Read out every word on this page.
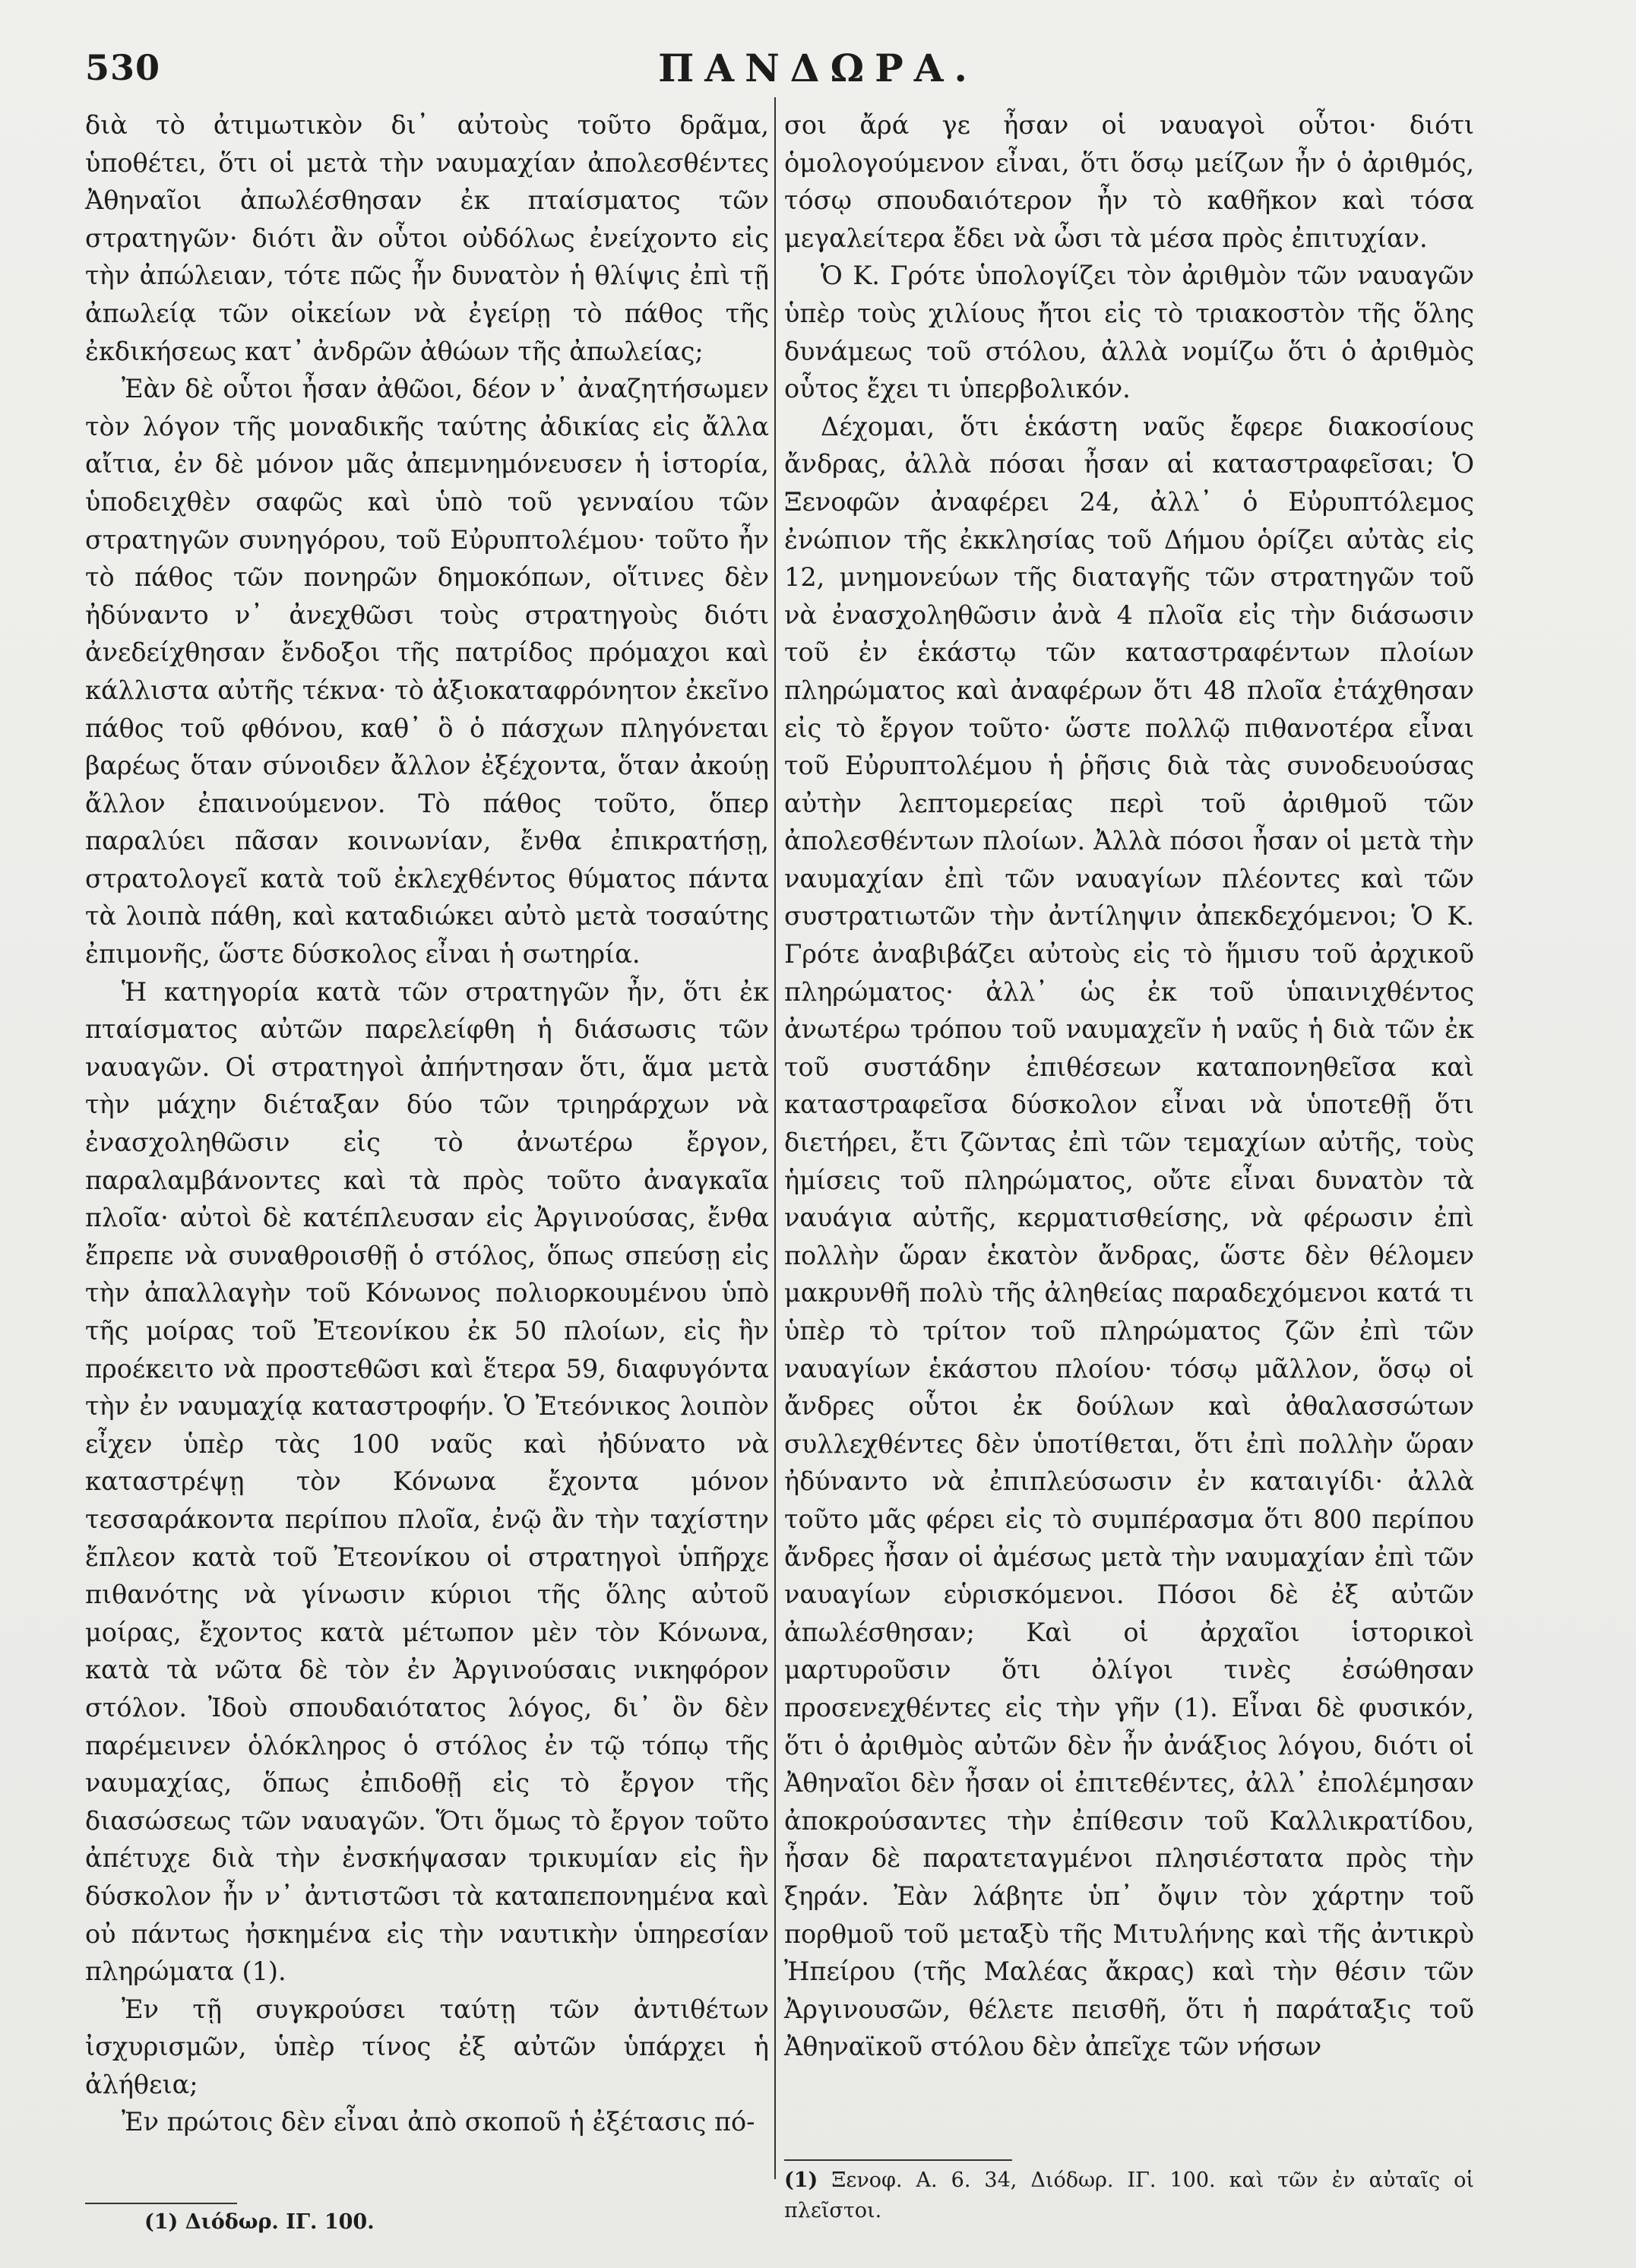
530	ΠΑΝΔΩΡΑ.

διὰ τὸ ἀτιμωτικὸν δι᾿ αὐτοὺς τοῦτο δρᾶμα, ὑποθέτει, ὅτι οἱ μετὰ τὴν ναυμαχίαν ἀπολεσθέντες Ἀθηναῖοι ἀπωλέσθησαν ἐκ πταίσματος τῶν στρατηγῶν· διότι ἂν οὗτοι οὐδόλως ἐνείχοντο εἰς τὴν ἀπώλειαν, τότε πῶς ἦν δυνατὸν ἡ θλίψις ἐπὶ τῇ ἀπωλείᾳ τῶν οἰκείων νὰ ἐγείρῃ τὸ πάθος τῆς ἐκδικήσεως κατ᾿ ἀνδρῶν ἀθώων τῆς ἀπωλείας;

Ἐὰν δὲ οὗτοι ἦσαν ἀθῶοι, δέον ν᾿ ἀναζητήσωμεν τὸν λόγον τῆς μοναδικῆς ταύτης ἀδικίας εἰς ἄλλα αἴτια, ἐν δὲ μόνον μᾶς ἀπεμνημόνευσεν ἡ ἱστορία, ὑποδειχθὲν σαφῶς καὶ ὑπὸ τοῦ γενναίου τῶν στρατηγῶν συνηγόρου, τοῦ Εὐρυπτολέμου· τοῦτο ἦν τὸ πάθος τῶν πονηρῶν δημοκόπων, οἵτινες δὲν ἠδύναντο ν᾿ ἀνεχθῶσι τοὺς στρατηγοὺς διότι ἀνεδείχθησαν ἔνδοξοι τῆς πατρίδος πρόμαχοι καὶ κάλλιστα αὐτῆς τέκνα· τὸ ἀξιοκαταφρόνητον ἐκεῖνο πάθος τοῦ φθόνου, καθ᾿ ὃ ὁ πάσχων πληγόνεται βαρέως ὅταν σύνοιδεν ἄλλον ἐξέχοντα, ὅταν ἀκούῃ ἄλλον ἐπαινούμενον. Τὸ πάθος τοῦτο, ὅπερ παραλύει πᾶσαν κοινωνίαν, ἔνθα ἐπικρατήσῃ, στρατολογεῖ κατὰ τοῦ ἐκλεχθέντος θύματος πάντα τὰ λοιπὰ πάθη, καὶ καταδιώκει αὐτὸ μετὰ τοσαύτης ἐπιμονῆς, ὥστε δύσκολος εἶναι ἡ σωτηρία.

Ἡ κατηγορία κατὰ τῶν στρατηγῶν ἦν, ὅτι ἐκ πταίσματος αὐτῶν παρελείφθη ἡ διάσωσις τῶν ναυαγῶν. Οἱ στρατηγοὶ ἀπήντησαν ὅτι, ἅμα μετὰ τὴν μάχην διέταξαν δύο τῶν τριηράρχων νὰ ἐνασχοληθῶσιν εἰς τὸ ἀνωτέρω ἔργον, παραλαμβάνοντες καὶ τὰ πρὸς τοῦτο ἀναγκαῖα πλοῖα· αὐτοὶ δὲ κατέπλευσαν εἰς Ἀργινούσας, ἔνθα ἔπρεπε νὰ συναθροισθῇ ὁ στόλος, ὅπως σπεύσῃ εἰς τὴν ἀπαλλαγὴν τοῦ Κόνωνος πολιορκουμένου ὑπὸ τῆς μοίρας τοῦ Ἐτεονίκου ἐκ 50 πλοίων, εἰς ἣν προέκειτο νὰ προστεθῶσι καὶ ἕτερα 59, διαφυγόντα τὴν ἐν ναυμαχίᾳ καταστροφήν. Ὁ Ἐτεόνικος λοιπὸν εἶχεν ὑπὲρ τὰς 100 ναῦς καὶ ἠδύνατο νὰ καταστρέψῃ τὸν Κόνωνα ἔχοντα μόνον τεσσαράκοντα περίπου πλοῖα, ἐνῷ ἂν τὴν ταχίστην ἔπλεον κατὰ τοῦ Ἐτεονίκου οἱ στρατηγοὶ ὑπῆρχε πιθανότης νὰ γίνωσιν κύριοι τῆς ὅλης αὐτοῦ μοίρας, ἔχοντος κατὰ μέτωπον μὲν τὸν Κόνωνα, κατὰ τὰ νῶτα δὲ τὸν ἐν Ἀργινούσαις νικηφόρον στόλον. Ἰδοὺ σπουδαιότατος λόγος, δι᾿ ὃν δὲν παρέμεινεν ὁλόκληρος ὁ στόλος ἐν τῷ τόπῳ τῆς ναυμαχίας, ὅπως ἐπιδοθῇ εἰς τὸ ἔργον τῆς διασώσεως τῶν ναυαγῶν. Ὅτι ὅμως τὸ ἔργον τοῦτο ἀπέτυχε διὰ τὴν ἐνσκήψασαν τρικυμίαν εἰς ἣν δύσκολον ἦν ν᾿ ἀντιστῶσι τὰ καταπεπονημένα καὶ οὐ πάντως ἠσκημένα εἰς τὴν ναυτικὴν ὑπηρεσίαν πληρώματα (1).

Ἐν τῇ συγκρούσει ταύτῃ τῶν ἀντιθέτων ἰσχυρισμῶν, ὑπὲρ τίνος ἐξ αὐτῶν ὑπάρχει ἡ ἀλήθεια;

Ἐν πρώτοις δὲν εἶναι ἀπὸ σκοποῦ ἡ ἐξέτασις πό-

σοι ἄρά γε ἦσαν οἱ ναυαγοὶ οὗτοι· διότι ὁμολογούμενον εἶναι, ὅτι ὅσῳ μείζων ἦν ὁ ἀριθμός, τόσῳ σπουδαιότερον ἦν τὸ καθῆκον καὶ τόσα μεγαλείτερα ἔδει νὰ ὦσι τὰ μέσα πρὸς ἐπιτυχίαν.

Ὁ Κ. Γρότε ὑπολογίζει τὸν ἀριθμὸν τῶν ναυαγῶν ὑπὲρ τοὺς χιλίους ἤτοι εἰς τὸ τριακοστὸν τῆς ὅλης δυνάμεως τοῦ στόλου, ἀλλὰ νομίζω ὅτι ὁ ἀριθμὸς οὗτος ἔχει τι ὑπερβολικόν.

Δέχομαι, ὅτι ἑκάστη ναῦς ἔφερε διακοσίους ἄνδρας, ἀλλὰ πόσαι ἦσαν αἱ καταστραφεῖσαι; Ὁ Ξενοφῶν ἀναφέρει 24, ἀλλ᾿ ὁ Εὐρυπτόλεμος ἐνώπιον τῆς ἐκκλησίας τοῦ Δήμου ὁρίζει αὐτὰς εἰς 12, μνημονεύων τῆς διαταγῆς τῶν στρατηγῶν τοῦ νὰ ἐνασχοληθῶσιν ἀνὰ 4 πλοῖα εἰς τὴν διάσωσιν τοῦ ἐν ἑκάστῳ τῶν καταστραφέντων πλοίων πληρώματος καὶ ἀναφέρων ὅτι 48 πλοῖα ἐτάχθησαν εἰς τὸ ἔργον τοῦτο· ὥστε πολλῷ πιθανοτέρα εἶναι τοῦ Εὐρυπτολέμου ἡ ῥῆσις διὰ τὰς συνοδευούσας αὐτὴν λεπτομερείας περὶ τοῦ ἀριθμοῦ τῶν ἀπολεσθέντων πλοίων. Ἀλλὰ πόσοι ἦσαν οἱ μετὰ τὴν ναυμαχίαν ἐπὶ τῶν ναυαγίων πλέοντες καὶ τῶν συστρατιωτῶν τὴν ἀντίληψιν ἀπεκδεχόμενοι; Ὁ Κ. Γρότε ἀναβιβάζει αὐτοὺς εἰς τὸ ἥμισυ τοῦ ἀρχικοῦ πληρώματος· ἀλλ᾿ ὡς ἐκ τοῦ ὑπαινιχθέντος ἀνωτέρω τρόπου τοῦ ναυμαχεῖν ἡ ναῦς ἡ διὰ τῶν ἐκ τοῦ συστάδην ἐπιθέσεων καταπονηθεῖσα καὶ καταστραφεῖσα δύσκολον εἶναι νὰ ὑποτεθῇ ὅτι διετήρει, ἔτι ζῶντας ἐπὶ τῶν τεμαχίων αὐτῆς, τοὺς ἡμίσεις τοῦ πληρώματος, οὔτε εἶναι δυνατὸν τὰ ναυάγια αὐτῆς, κερματισθείσης, νὰ φέρωσιν ἐπὶ πολλὴν ὥραν ἑκατὸν ἄνδρας, ὥστε δὲν θέλομεν μακρυνθῆ πολὺ τῆς ἀληθείας παραδεχόμενοι κατά τι ὑπὲρ τὸ τρίτον τοῦ πληρώματος ζῶν ἐπὶ τῶν ναυαγίων ἑκάστου πλοίου· τόσῳ μᾶλλον, ὅσῳ οἱ ἄνδρες οὗτοι ἐκ δούλων καὶ ἀθαλασσώτων συλλεχθέντες δὲν ὑποτίθεται, ὅτι ἐπὶ πολλὴν ὥραν ἠδύναντο νὰ ἐπιπλεύσωσιν ἐν καταιγίδι· ἀλλὰ τοῦτο μᾶς φέρει εἰς τὸ συμπέρασμα ὅτι 800 περίπου ἄνδρες ἦσαν οἱ ἀμέσως μετὰ τὴν ναυμαχίαν ἐπὶ τῶν ναυαγίων εὑρισκόμενοι. Πόσοι δὲ ἐξ αὐτῶν ἀπωλέσθησαν; Καὶ οἱ ἀρχαῖοι ἱστορικοὶ μαρτυροῦσιν ὅτι ὀλίγοι τινὲς ἐσώθησαν προσενεχθέντες εἰς τὴν γῆν (1). Εἶναι δὲ φυσικόν, ὅτι ὁ ἀριθμὸς αὐτῶν δὲν ἦν ἀνάξιος λόγου, διότι οἱ Ἀθηναῖοι δὲν ἦσαν οἱ ἐπιτεθέντες, ἀλλ᾿ ἐπολέμησαν ἀποκρούσαντες τὴν ἐπίθεσιν τοῦ Καλλικρατίδου, ἦσαν δὲ παρατεταγμένοι πλησιέστατα πρὸς τὴν ξηράν. Ἐὰν λάβητε ὑπ᾿ ὄψιν τὸν χάρτην τοῦ πορθμοῦ τοῦ μεταξὺ τῆς Μιτυλήνης καὶ τῆς ἀντικρὺ Ἠπείρου (τῆς Μαλέας ἄκρας) καὶ τὴν θέσιν τῶν Ἀργινουσῶν, θέλετε πεισθῆ, ὅτι ἡ παράταξις τοῦ Ἀθηναϊκοῦ στόλου δὲν ἀπεῖχε τῶν νήσων

(1) Διόδωρ. ΙΓ. 100.
(1) Ξενοφ. Α. 6. 34, Διόδωρ. ΙΓ. 100. καὶ τῶν ἐν αὐταῖς οἱ πλεῖστοι.
